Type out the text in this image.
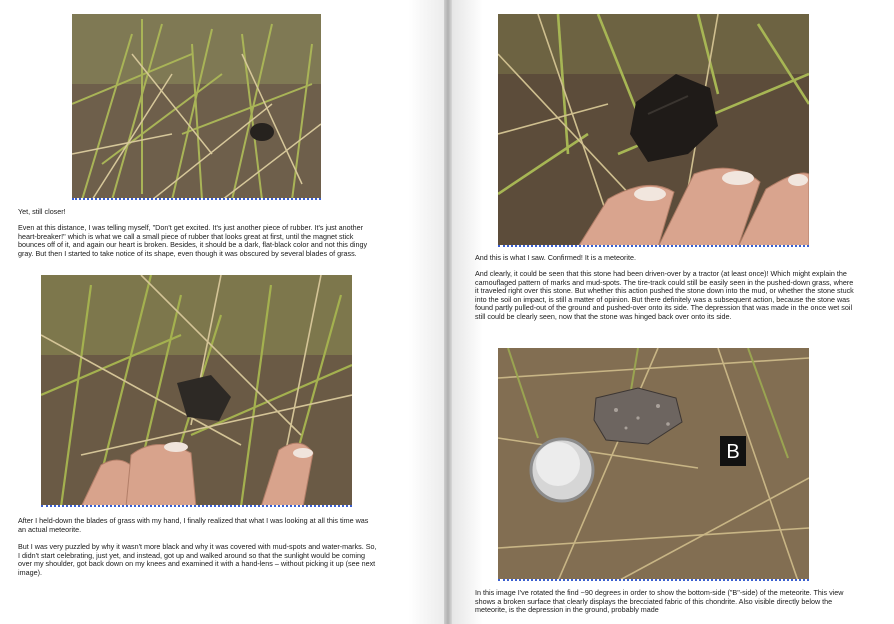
Yet, still closer!

Even at this distance, I was telling myself, "Don't get excited. It's just another piece of rubber. It's just another heart-breaker!" which is what we call a small piece of rubber that looks great at first, until the magnet stick bounces off of it, and again our heart is broken. Besides, it should be a dark, flat-black color and not this dingy gray. But then I started to take notice of its shape, even though it was obscured by several blades of grass.

After I held-down the blades of grass with my hand, I finally realized that what I was looking at all this time was an actual meteorite.

But I was very puzzled by why it wasn't more black and why it was covered with mud-spots and water-marks. So, I didn't start celebrating, just yet, and instead, got up and walked around so that the sunlight would be coming over my shoulder, got back down on my knees and examined it with a hand-lens – without picking it up (see next image).

And this is what I saw. Confirmed! It is a meteorite.

And clearly, it could be seen that this stone had been driven-over by a tractor (at least once)! Which might explain the camouflaged pattern of marks and mud-spots. The tire-track could still be easily seen in the pushed-down grass, where it traveled right over this stone. But whether this action pushed the stone down into the mud, or whether the stone stuck into the soil on impact, is still a matter of opinion. But there definitely was a subsequent action, because the stone was found partly pulled-out of the ground and pushed-over onto its side. The depression that was made in the once wet soil still could be clearly seen, now that the stone was hinged back over onto its side.

B

In this image I've rotated the find ~90 degrees in order to show the bottom-side ("B"-side) of the meteorite. This view shows a broken surface that clearly displays the brecciated fabric of this chondrite. Also visible directly below the meteorite, is the depression in the ground, probably made
